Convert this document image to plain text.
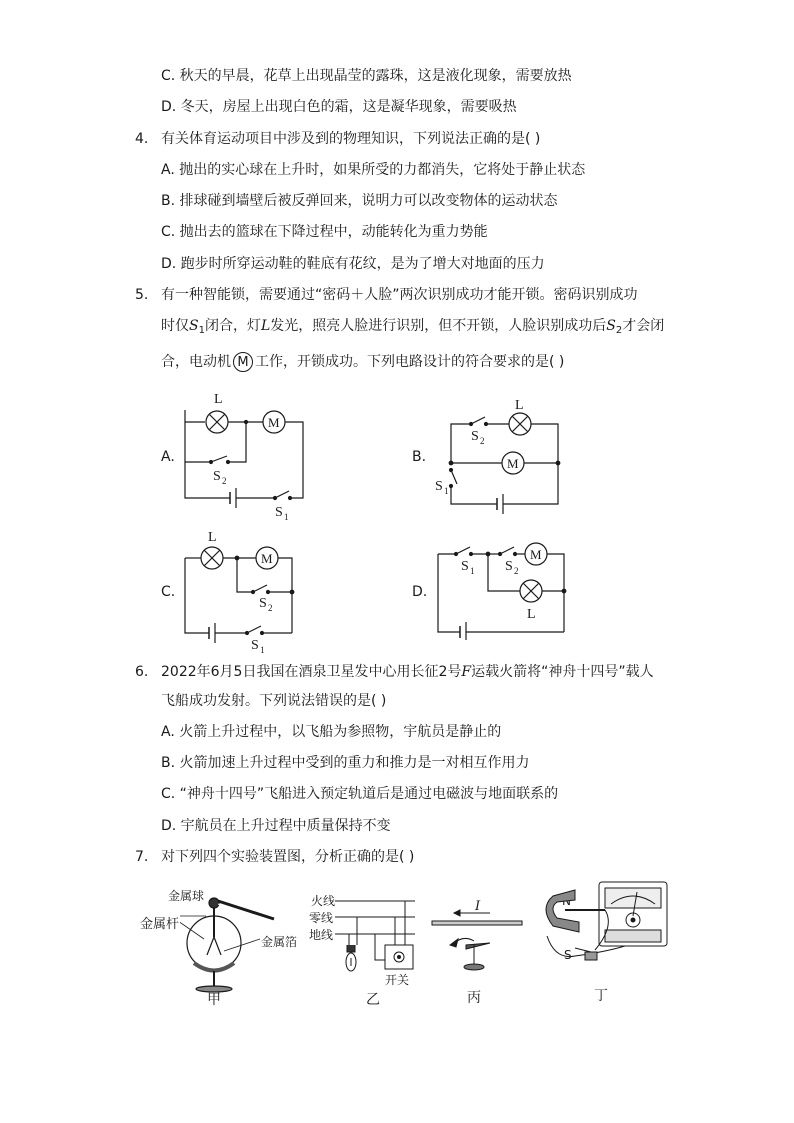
C. 秋天的早晨，花草上出现晶莹的露珠，这是液化现象，需要放热
D. 冬天，房屋上出现白色的霜，这是凝华现象，需要吸热
4. 有关体育运动项目中涉及到的物理知识，下列说法正确的是( )
A. 抛出的实心球在上升时，如果所受的力都消失，它将处于静止状态
B. 排球碰到墙壁后被反弹回来，说明力可以改变物体的运动状态
C. 抛出去的篮球在下降过程中，动能转化为重力势能
D. 跑步时所穿运动鞋的鞋底有花纹，是为了增大对地面的压力
5. 有一种智能锁，需要通过“密码＋人脸”两次识别成功才能开锁。密码识别成功
时仅$S_1$闭合，灯L发光，照亮人脸进行识别，但不开锁，人脸识别成功后$S_2$才会闭
合，电动机 M 工作，开锁成功。下列电路设计的符合要求的是( )
A.
M
L
S 2
S 1
B.	M
L
S 2
S 1
C.
M
L
S 2
S 1
D.
M
S 1 S 2
L
6. 2022年6月5日我国在酒泉卫星发中心用长征2号F运载火箭将“神舟十四号”载人
飞船成功发射。下列说法错误的是( )
A. 火箭上升过程中，以飞船为参照物，宇航员是静止的
B. 火箭加速上升过程中受到的重力和推力是一对相互作用力
C. “神舟十四号”飞船进入预定轨道后是通过电磁波与地面联系的
D. 宇航员在上升过程中质量保持不变
7. 对下列四个实验装置图，分析正确的是( )
金属球
金属杆
金属箔
甲
火线
零线
地线
开关
乙
I
丙
S
丁
